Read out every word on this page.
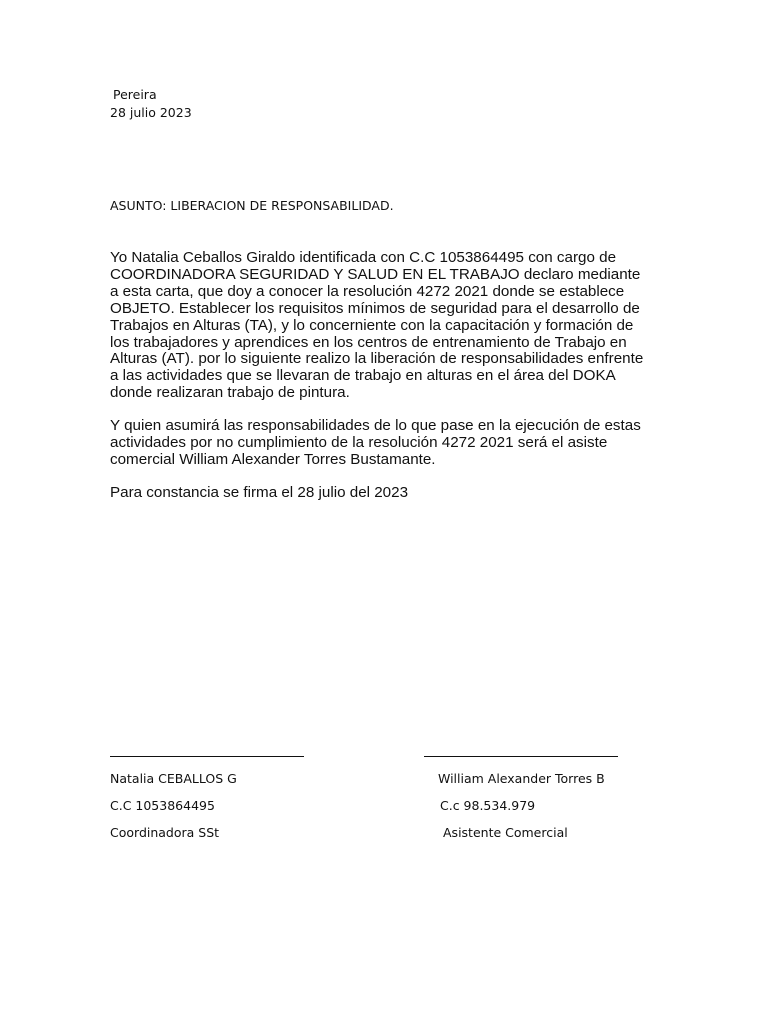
Pereira
28 julio 2023
ASUNTO: LIBERACION DE RESPONSABILIDAD.
Yo Natalia Ceballos Giraldo identificada con C.C 1053864495 con cargo de
COORDINADORA SEGURIDAD Y SALUD EN EL TRABAJO declaro mediante
a esta carta, que doy a conocer la resolución 4272 2021 donde se establece
OBJETO. Establecer los requisitos mínimos de seguridad para el desarrollo de
Trabajos en Alturas (TA), y lo concerniente con la capacitación y formación de
los trabajadores y aprendices en los centros de entrenamiento de Trabajo en
Alturas (AT). por lo siguiente realizo la liberación de responsabilidades enfrente
a las actividades que se llevaran de trabajo en alturas en el área del DOKA
donde realizaran trabajo de pintura.
Y quien asumirá las responsabilidades de lo que pase en la ejecución de estas
actividades por no cumplimiento de la resolución 4272 2021 será el asiste
comercial William Alexander Torres Bustamante.
Para constancia se firma el 28 julio del 2023
Natalia CEBALLOS G
C.C 1053864495
Coordinadora SSt
William Alexander Torres B
C.c 98.534.979
Asistente Comercial
